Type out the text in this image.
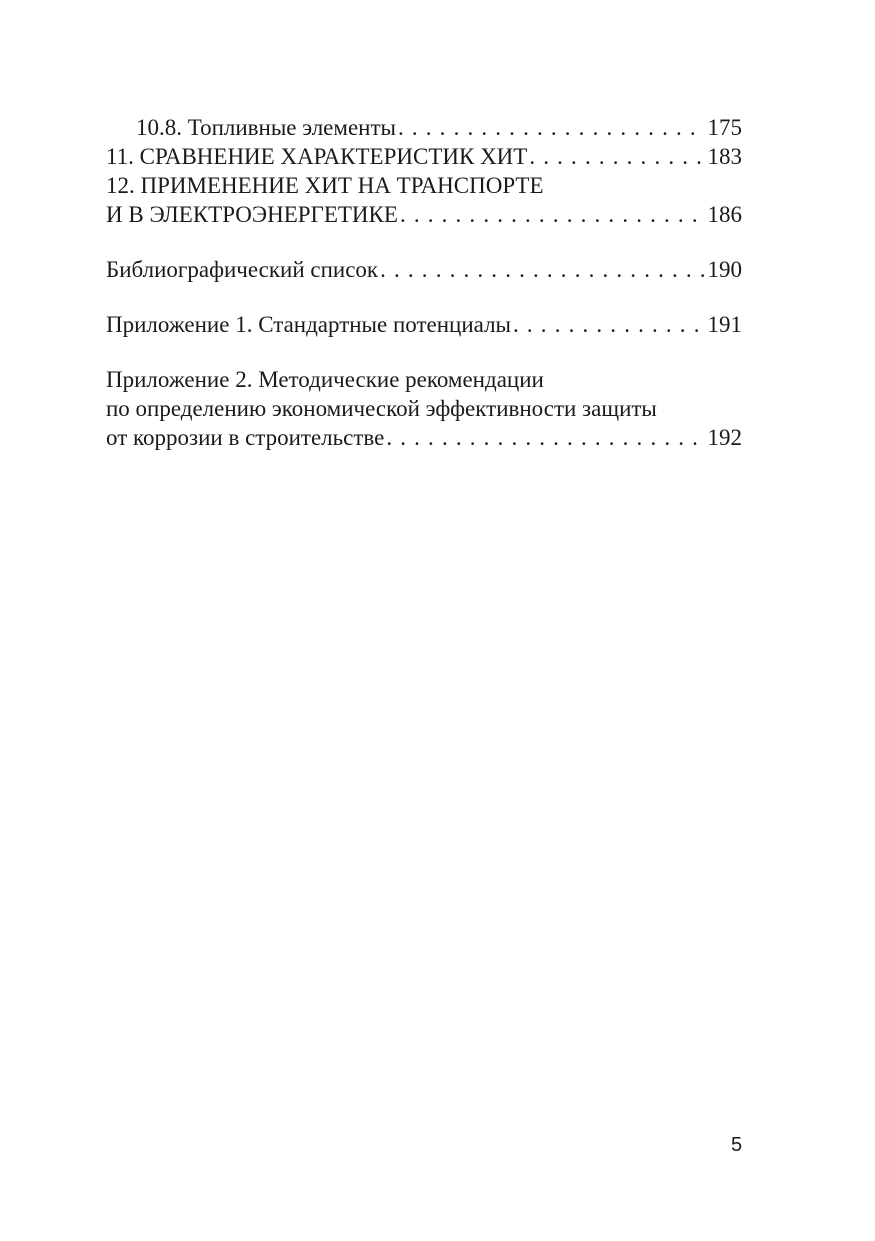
10.8. Топливные элементы . . .	175
11. СРАВНЕНИЕ ХАРАКТЕРИСТИК ХИТ . . .	183
12. ПРИМЕНЕНИЕ ХИТ НА ТРАНСПОРТЕ
И В ЭЛЕКТРОЭНЕРГЕТИКЕ . . .	186
Библиографический список . . .	190
Приложение 1. Стандартные потенциалы . . .	191
Приложение 2. Методические рекомендации
по определению экономической эффективности защиты
от коррозии в строительстве . . .	192
5
